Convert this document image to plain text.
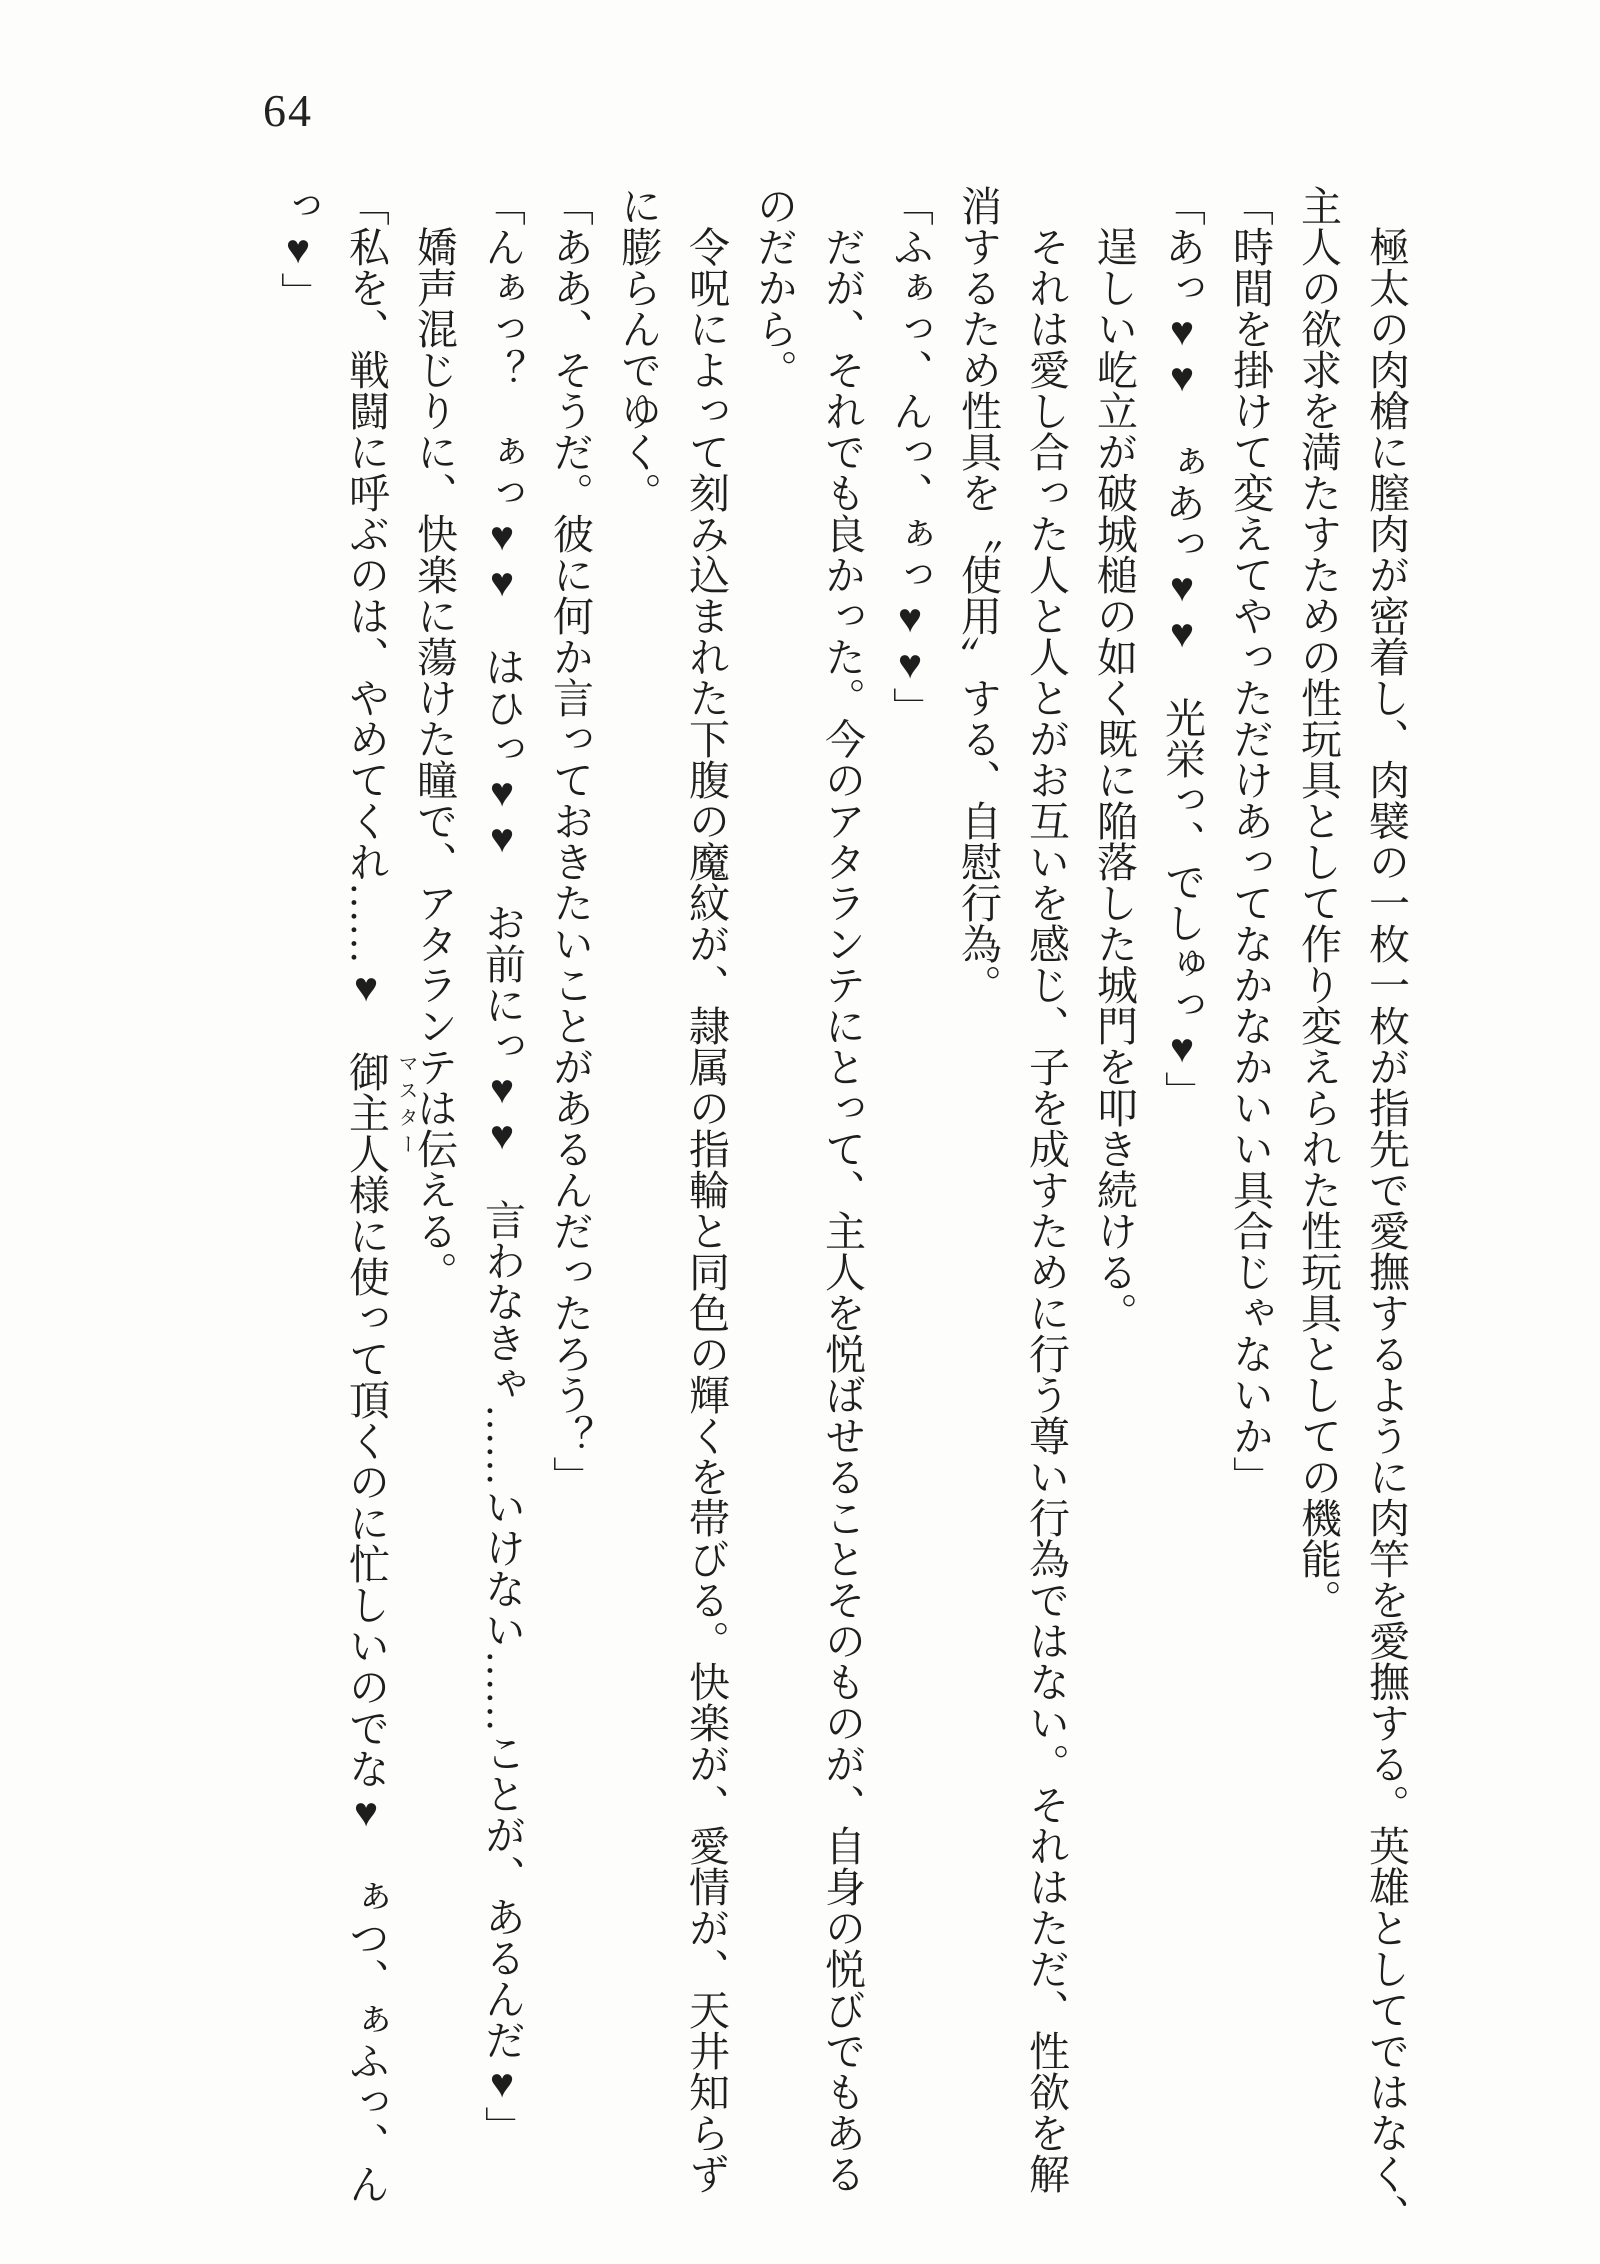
64

　極太の肉槍に膣肉が密着し、肉襞の一枚一枚が指先で愛撫するように肉竿を愛撫する。英雄としてではなく、

主人の欲求を満たすための性玩具として作り変えられた性玩具としての機能。

「時間を掛けて変えてやっただけあってなかなかいい具合じゃないか」

「あっ♥♥　ぁあっ♥♥　光栄っ、でしゅっ♥」

　逞しい屹立が破城槌の如く既に陥落した城門を叩き続ける。

　それは愛し合った人と人とがお互いを感じ、子を成すために行う尊い行為ではない。それはただ、性欲を解

消するため性具を〝使用〟する、自慰行為。

「ふぁっ、んっ、ぁっ♥♥」

　だが、それでも良かった。今のアタランテにとって、主人を悦ばせることそのものが、自身の悦びでもある

のだから。

　令呪によって刻み込まれた下腹の魔紋が、隷属の指輪と同色の輝くを帯びる。快楽が、愛情が、天井知らず

に膨らんでゆく。

「ああ、そうだ。彼に何か言っておきたいことがあるんだったろう？」

「んぁっ？　ぁっ♥♥　はひっ♥♥　お前にっ♥♥　言わなきゃ……いけない……ことが、あるんだ♥」

　嬌声混じりに、快楽に蕩けた瞳で、アタランテは伝える。

「私を、戦闘に呼ぶのは、やめてくれ……♥　御主人様 マスター
に使って頂くのに忙しいのでな♥　ぁつ、ぁふっ、ん

っ♥」
